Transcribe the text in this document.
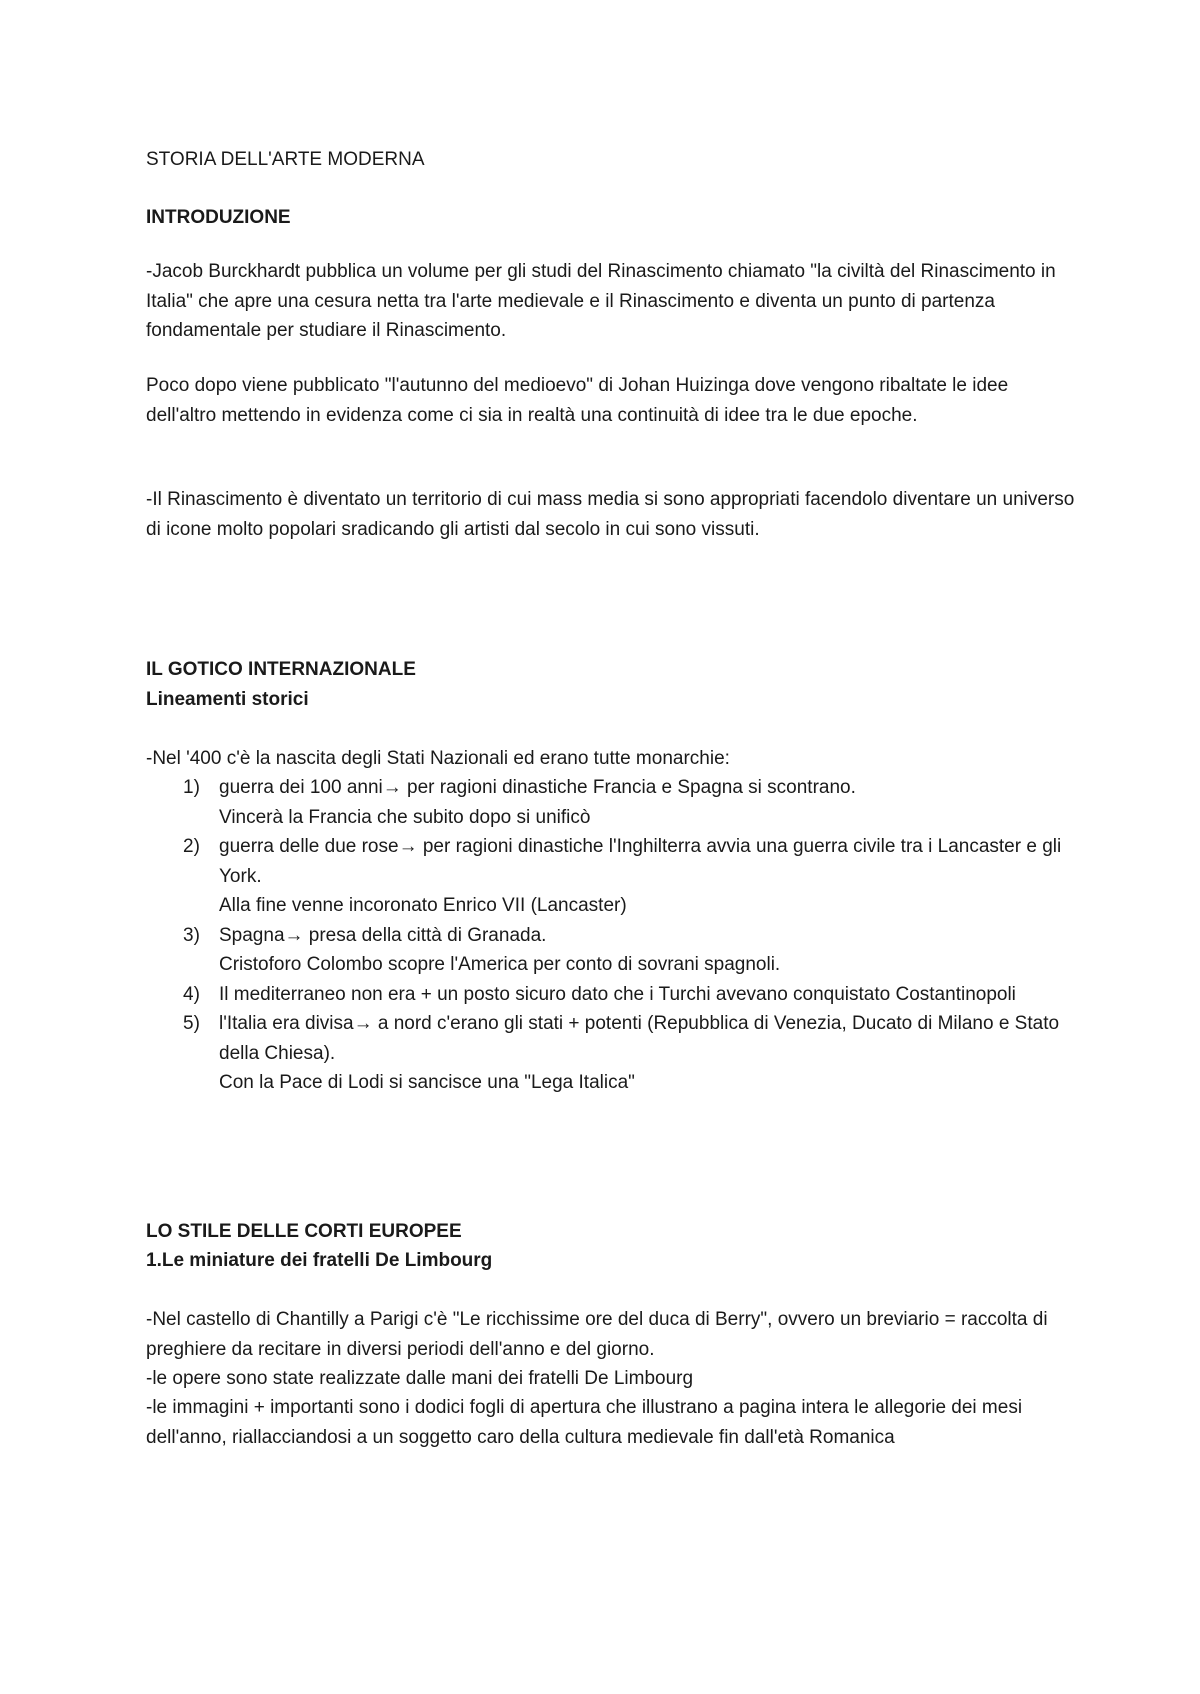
STORIA DELL'ARTE MODERNA

INTRODUZIONE

-Jacob Burckhardt pubblica un volume per gli studi del Rinascimento chiamato "la civiltà del Rinascimento in Italia" che apre una cesura netta tra l'arte medievale e il Rinascimento e diventa un punto di partenza fondamentale per studiare il Rinascimento.

Poco dopo viene pubblicato "l'autunno del medioevo" di Johan Huizinga dove vengono ribaltate le idee dell'altro mettendo in evidenza come ci sia in realtà una continuità di idee tra le due epoche.

-Il Rinascimento è diventato un territorio di cui mass media si sono appropriati facendolo diventare un universo di icone molto popolari sradicando gli artisti dal secolo in cui sono vissuti.

IL GOTICO INTERNAZIONALE

Lineamenti storici

-Nel '400 c'è la nascita degli Stati Nazionali ed erano tutte monarchie:

1) guerra dei 100 anni→ per ragioni dinastiche Francia e Spagna si scontrano.
Vincerà la Francia che subito dopo si unificò
2) guerra delle due rose→ per ragioni dinastiche l'Inghilterra avvia una guerra civile tra i Lancaster e gli York.
Alla fine venne incoronato Enrico VII (Lancaster)
3) Spagna→ presa della città di Granada.
Cristoforo Colombo scopre l'America per conto di sovrani spagnoli.
4) Il mediterraneo non era + un posto sicuro dato che i Turchi avevano conquistato Costantinopoli
5) l'Italia era divisa→ a nord c'erano gli stati + potenti (Repubblica di Venezia, Ducato di Milano e Stato della Chiesa).
Con la Pace di Lodi si sancisce una "Lega Italica"

LO STILE DELLE CORTI EUROPEE

1.Le miniature dei fratelli De Limbourg

-Nel castello di Chantilly a Parigi c'è "Le ricchissime ore del duca di Berry", ovvero un breviario = raccolta di preghiere da recitare in diversi periodi dell'anno e del giorno.

-le opere sono state realizzate dalle mani dei fratelli De Limbourg

-le immagini + importanti sono i dodici fogli di apertura che illustrano a pagina intera le allegorie dei mesi dell'anno, riallacciandosi a un soggetto caro della cultura medievale fin dall'età Romanica
